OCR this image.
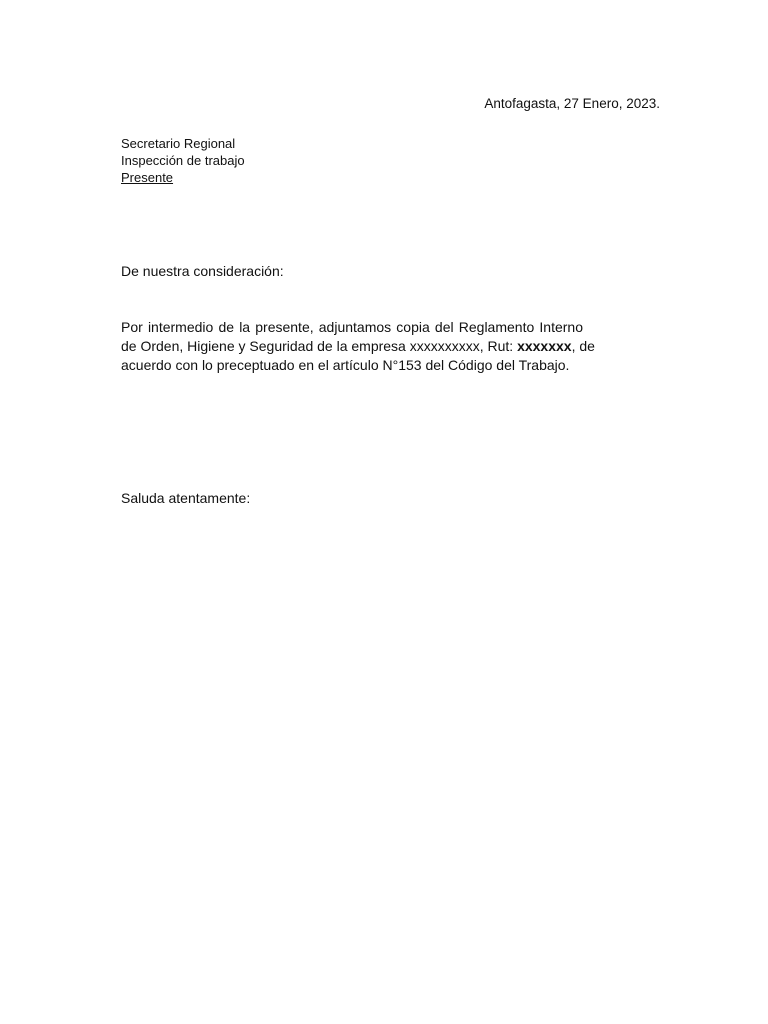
Antofagasta, 27 Enero, 2023.
Secretario Regional
Inspección de trabajo
Presente
De nuestra consideración:
Por intermedio de la presente, adjuntamos copia del Reglamento Interno
de Orden, Higiene y Seguridad de la empresa xxxxxxxxxx, Rut: xxxxxxx, de
acuerdo con lo preceptuado en el artículo N°153 del Código del Trabajo.
Saluda atentamente:
